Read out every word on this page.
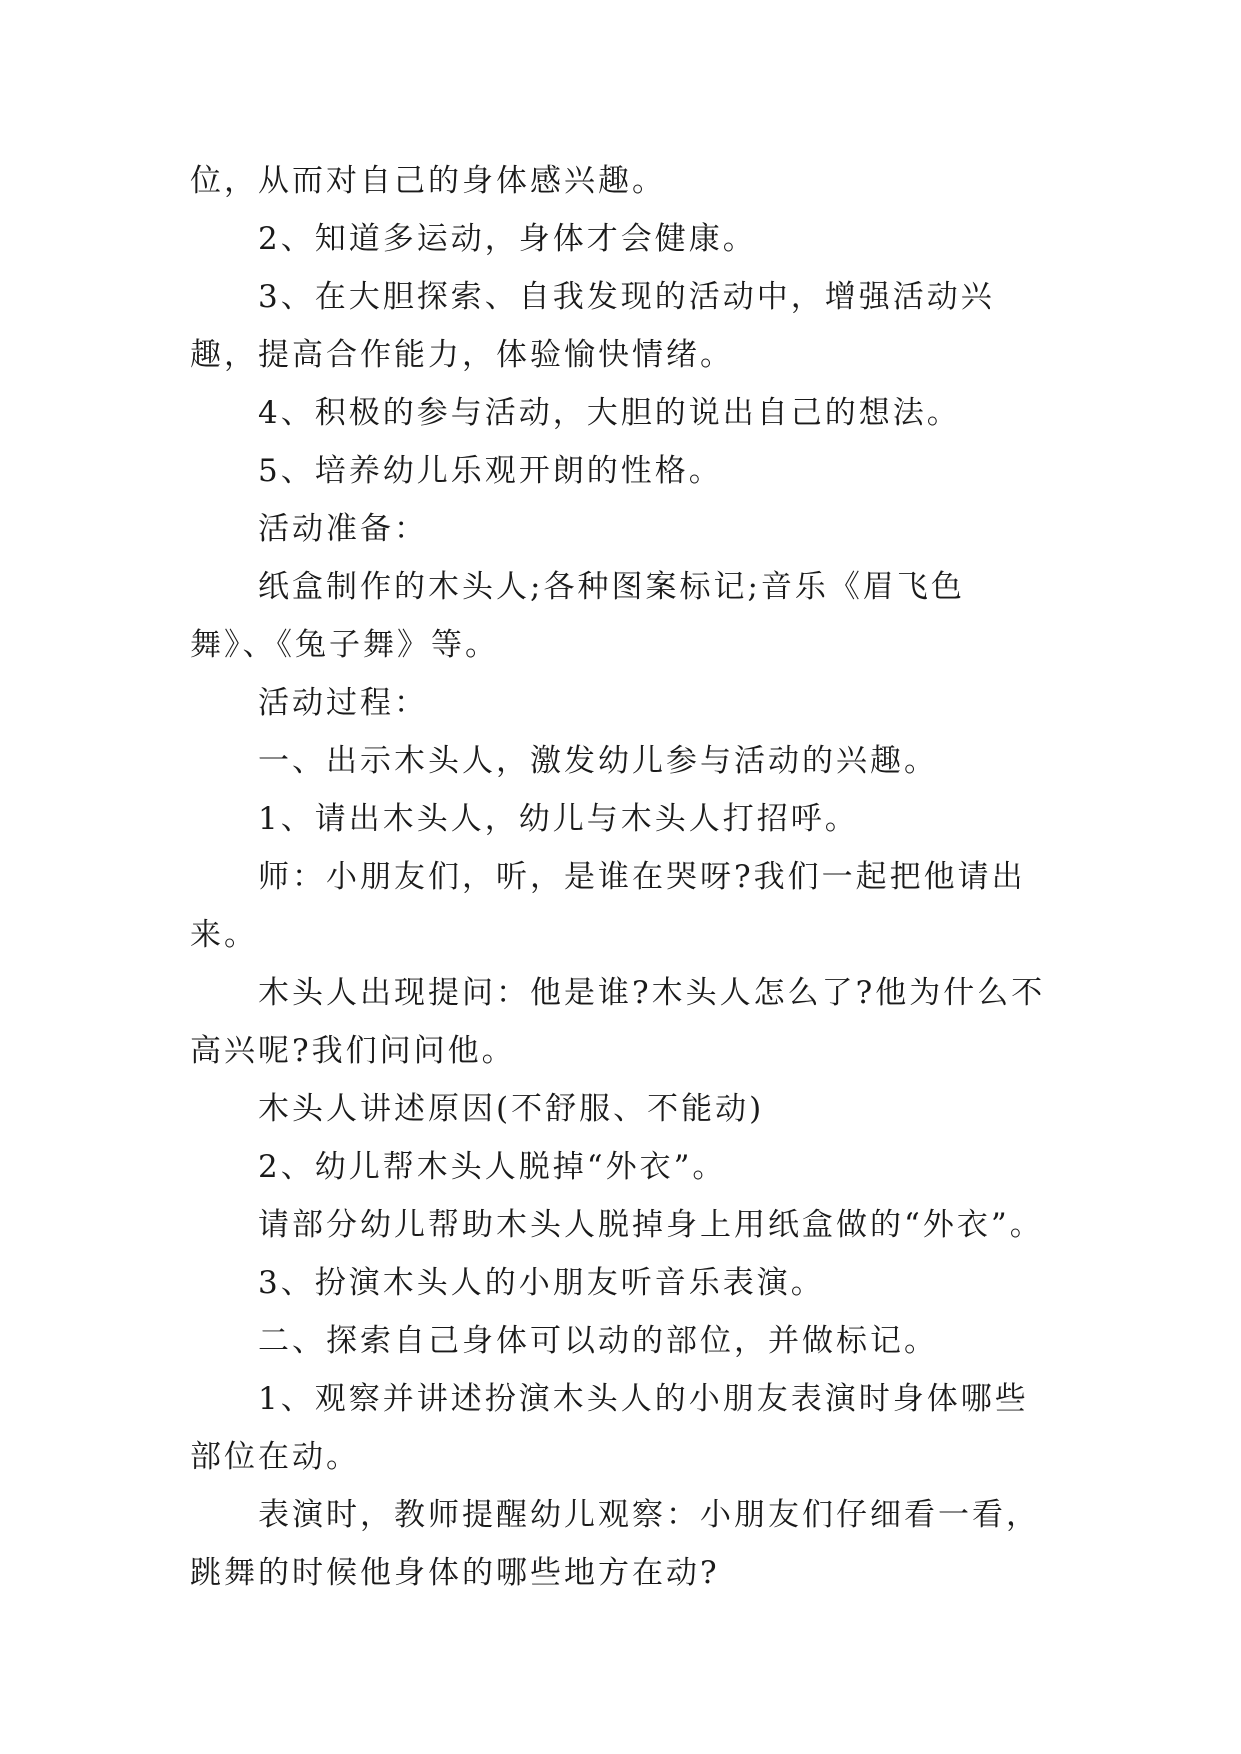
位，从而对自己的身体感兴趣。

2、知道多运动，身体才会健康。

3、在大胆探索、自我发现的活动中，增强活动兴趣，提高合作能力，体验愉快情绪。

4、积极的参与活动，大胆的说出自己的想法。

5、培养幼儿乐观开朗的性格。

活动准备：

纸盒制作的木头人;各种图案标记;音乐《眉飞色舞》、《兔子舞》等。

活动过程：

一、出示木头人，激发幼儿参与活动的兴趣。

1、请出木头人，幼儿与木头人打招呼。

师：小朋友们，听，是谁在哭呀?我们一起把他请出来。

木头人出现提问：他是谁?木头人怎么了?他为什么不高兴呢?我们问问他。

木头人讲述原因(不舒服、不能动)

2、幼儿帮木头人脱掉“外衣”。

请部分幼儿帮助木头人脱掉身上用纸盒做的“外衣”。

3、扮演木头人的小朋友听音乐表演。

二、探索自己身体可以动的部位，并做标记。

1、观察并讲述扮演木头人的小朋友表演时身体哪些部位在动。

表演时，教师提醒幼儿观察：小朋友们仔细看一看，跳舞的时候他身体的哪些地方在动?
